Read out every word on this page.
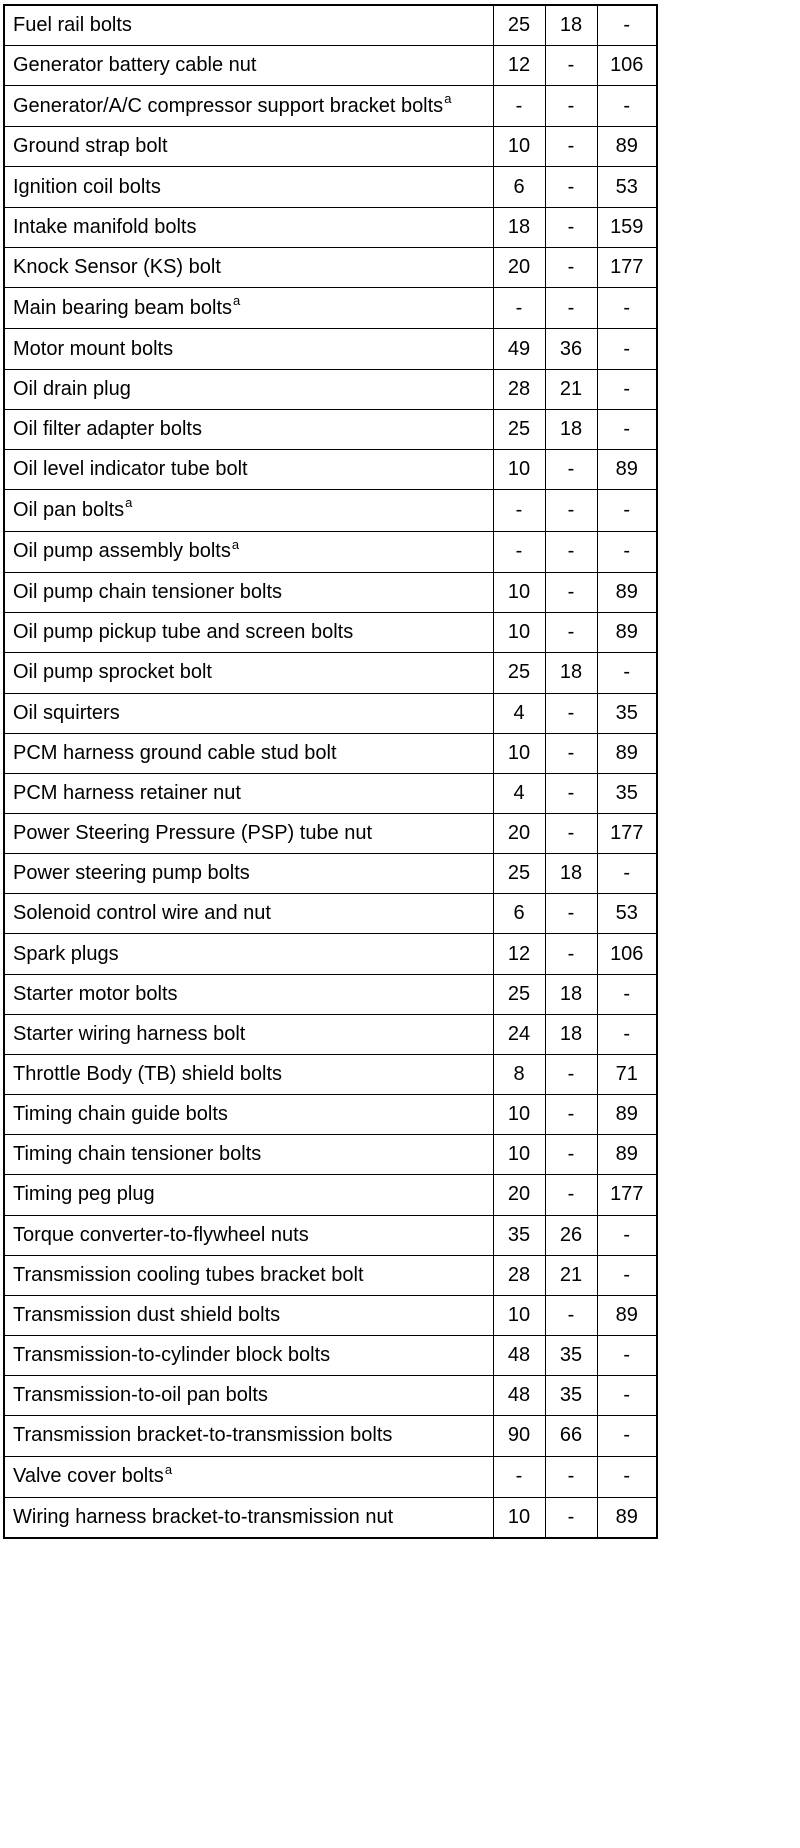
Fuel rail bolts	25	18	-
Generator battery cable nut	12	-	106
Generator/A/C compressor support bracket bolts$^a$	-	-	-
Ground strap bolt	10	-	89
Ignition coil bolts	6	-	53
Intake manifold bolts	18	-	159
Knock Sensor (KS) bolt	20	-	177
Main bearing beam bolts$^a$	-	-	-
Motor mount bolts	49	36	-
Oil drain plug	28	21	-
Oil filter adapter bolts	25	18	-
Oil level indicator tube bolt	10	-	89
Oil pan bolts$^a$	-	-	-
Oil pump assembly bolts$^a$	-	-	-
Oil pump chain tensioner bolts	10	-	89
Oil pump pickup tube and screen bolts	10	-	89
Oil pump sprocket bolt	25	18	-
Oil squirters	4	-	35
PCM harness ground cable stud bolt	10	-	89
PCM harness retainer nut	4	-	35
Power Steering Pressure (PSP) tube nut	20	-	177
Power steering pump bolts	25	18	-
Solenoid control wire and nut	6	-	53
Spark plugs	12	-	106
Starter motor bolts	25	18	-
Starter wiring harness bolt	24	18	-
Throttle Body (TB) shield bolts	8	-	71
Timing chain guide bolts	10	-	89
Timing chain tensioner bolts	10	-	89
Timing peg plug	20	-	177
Torque converter-to-flywheel nuts	35	26	-
Transmission cooling tubes bracket bolt	28	21	-
Transmission dust shield bolts	10	-	89
Transmission-to-cylinder block bolts	48	35	-
Transmission-to-oil pan bolts	48	35	-
Transmission bracket-to-transmission bolts	90	66	-
Valve cover bolts$^a$	-	-	-
Wiring harness bracket-to-transmission nut	10	-	89
